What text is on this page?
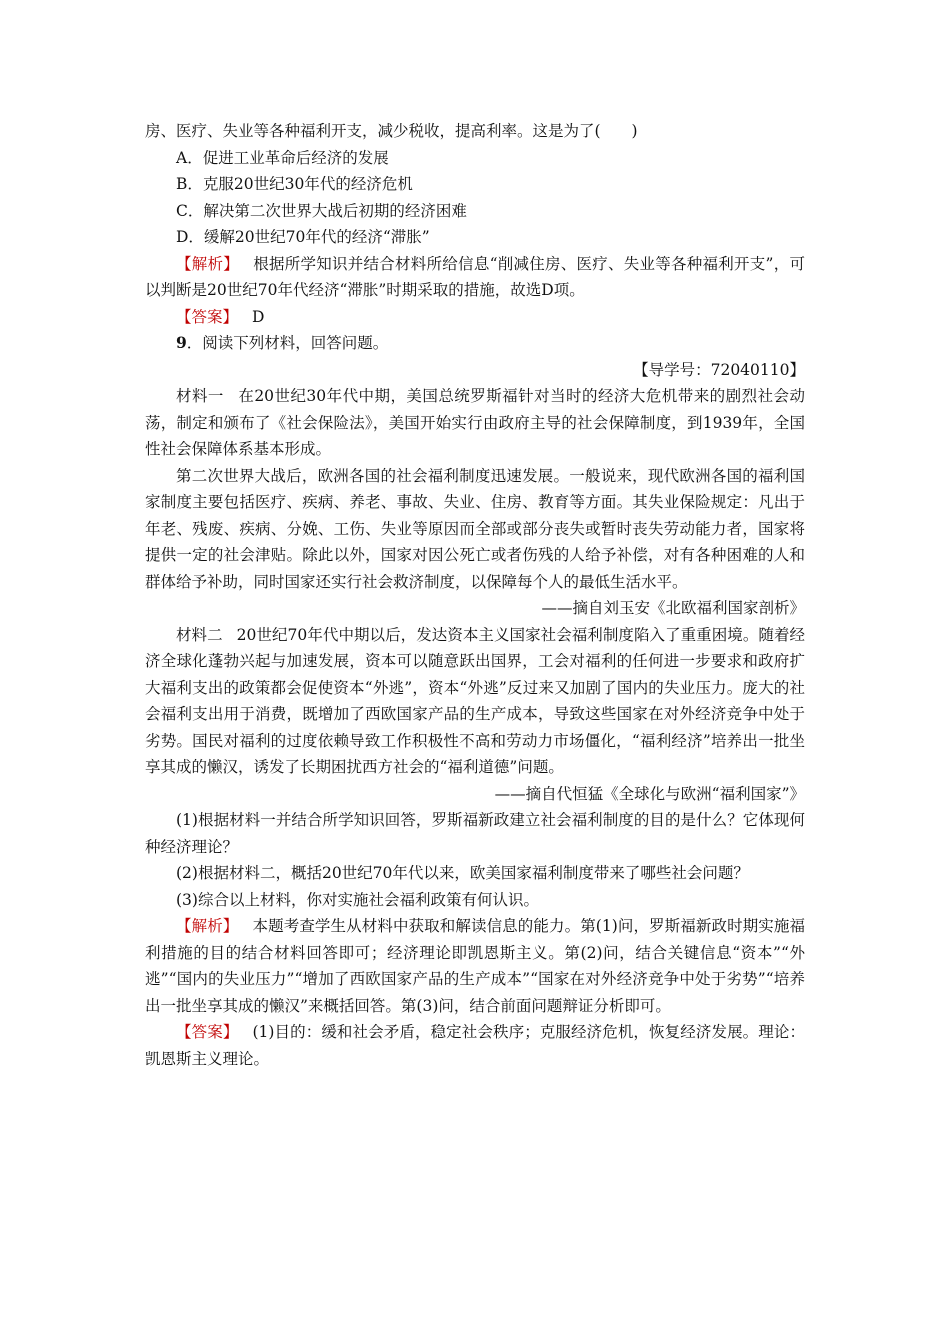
房、医疗、失业等各种福利开支，减少税收，提高利率。这是为了(　　)
A．促进工业革命后经济的发展
B．克服20世纪30年代的经济危机
C．解决第二次世界大战后初期的经济困难
D．缓解20世纪70年代的经济“滞胀”
【解析】 根据所学知识并结合材料所给信息“削减住房、医疗、失业等各种福利开支”，可以判断是20世纪70年代经济“滞胀”时期采取的措施，故选D项。
【答案】 D
9．阅读下列材料，回答问题。
【导学号：72040110】
材料一 在20世纪30年代中期，美国总统罗斯福针对当时的经济大危机带来的剧烈社会动荡，制定和颁布了《社会保险法》，美国开始实行由政府主导的社会保障制度，到1939年，全国性社会保障体系基本形成。
第二次世界大战后，欧洲各国的社会福利制度迅速发展。一般说来，现代欧洲各国的福利国家制度主要包括医疗、疾病、养老、事故、失业、住房、教育等方面。其失业保险规定：凡出于年老、残废、疾病、分娩、工伤、失业等原因而全部或部分丧失或暂时丧失劳动能力者，国家将提供一定的社会津贴。除此以外，国家对因公死亡或者伤残的人给予补偿，对有各种困难的人和群体给予补助，同时国家还实行社会救济制度，以保障每个人的最低生活水平。
——摘自刘玉安《北欧福利国家剖析》
材料二 20世纪70年代中期以后，发达资本主义国家社会福利制度陷入了重重困境。随着经济全球化蓬勃兴起与加速发展，资本可以随意跃出国界，工会对福利的任何进一步要求和政府扩大福利支出的政策都会促使资本“外逃”，资本“外逃”反过来又加剧了国内的失业压力。庞大的社会福利支出用于消费，既增加了西欧国家产品的生产成本，导致这些国家在对外经济竞争中处于劣势。国民对福利的过度依赖导致工作积极性不高和劳动力市场僵化，“福利经济”培养出一批坐享其成的懒汉，诱发了长期困扰西方社会的“福利道德”问题。
——摘自代恒猛《全球化与欧洲“福利国家”》
(1)根据材料一并结合所学知识回答，罗斯福新政建立社会福利制度的目的是什么？它体现何种经济理论？
(2)根据材料二，概括20世纪70年代以来，欧美国家福利制度带来了哪些社会问题？
(3)综合以上材料，你对实施社会福利政策有何认识。
【解析】 本题考查学生从材料中获取和解读信息的能力。第(1)问，罗斯福新政时期实施福利措施的目的结合材料回答即可；经济理论即凯恩斯主义。第(2)问，结合关键信息“资本”“外逃”“国内的失业压力”“增加了西欧国家产品的生产成本”“国家在对外经济竞争中处于劣势”“培养出一批坐享其成的懒汉”来概括回答。第(3)问，结合前面问题辩证分析即可。
【答案】 (1)目的：缓和社会矛盾，稳定社会秩序；克服经济危机，恢复经济发展。理论：凯恩斯主义理论。
